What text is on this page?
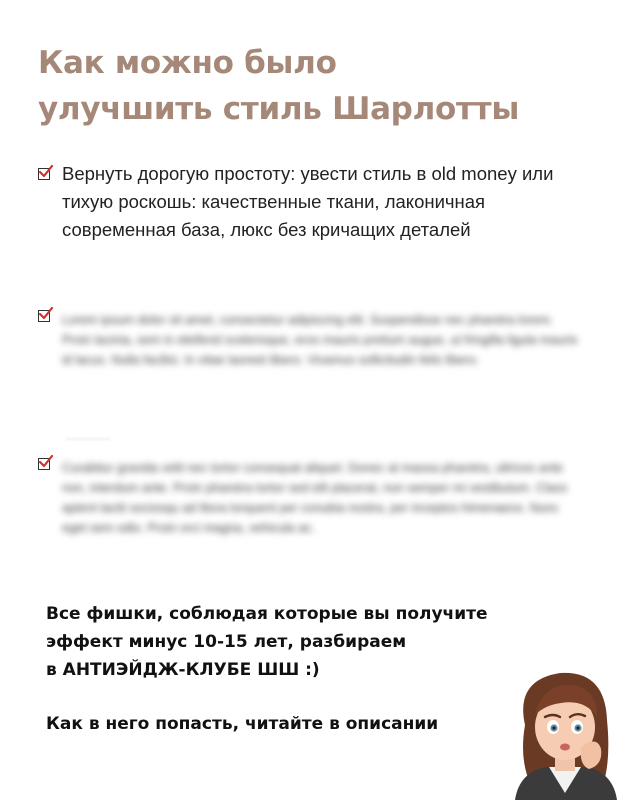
Как можно было
улучшить стиль Шарлотты
Вернуть дорогую простоту: увести стиль в old money или тихую роскошь: качественные ткани, лаконичная современная база, люкс без кричащих деталей
Lorem ipsum dolor sit amet, consectetur adipiscing elit. Suspendisse nec pharetra lorem. Proin lacinia, sem in eleifend scelerisque, eros mauris pretium augue, ut fringilla ligula mauris id lacus. Nulla facilisi. In vitae laoreet libero. Vivamus sollicitudin felis libero.
Curabitur gravida velit nec tortor consequat aliquet. Donec at massa pharetra, ultrices ante non, interdum ante. Proin pharetra tortor sed elit placerat, non semper mi vestibulum. Class aptent taciti sociosqu ad litora torquent per conubia nostra, per inceptos himenaeos. Nunc eget sem odio. Proin orci magna, vehicula ac.

Все фишки, соблюдая которые вы получите

эффект минус 10-15 лет, разбираем

в АНТИЭЙДЖ-КЛУБЕ ШШ :)

Как в него попасть, читайте в описании
